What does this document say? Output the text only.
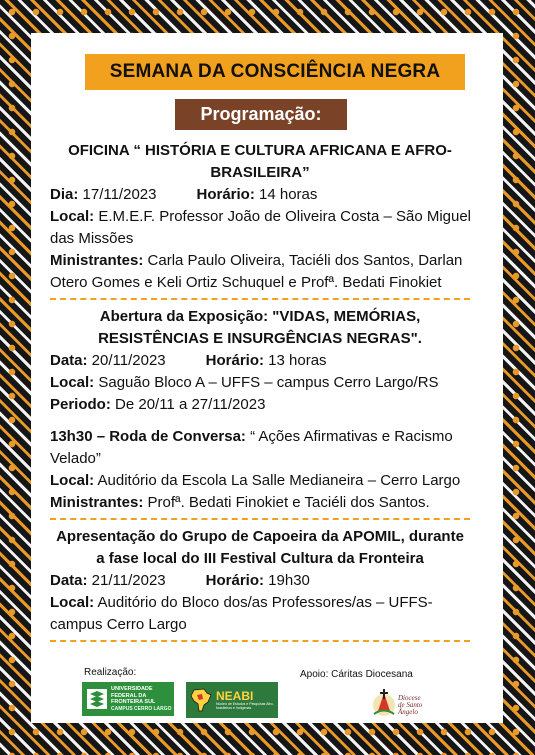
SEMANA DA CONSCIÊNCIA NEGRA
Programação:
OFICINA “ HISTÓRIA E CULTURA AFRICANA E AFRO-
BRASILEIRA”
Dia: 17/11/2023	Horário: 14 horas
Local: E.M.E.F. Professor João de Oliveira Costa – São Miguel
das Missões
Ministrantes: Carla Paulo Oliveira, Taciéli dos Santos, Darlan
Otero Gomes e Keli Ortiz Schuquel e Profª. Bedati Finokiet
Abertura da Exposição: "VIDAS, MEMÓRIAS,
RESISTÊNCIAS E INSURGÊNCIAS NEGRAS".
Data: 20/11/2023	Horário: 13 horas
Local: Saguão Bloco A – UFFS – campus Cerro Largo/RS
Periodo: De 20/11 a 27/11/2023
13h30 – Roda de Conversa: “ Ações Afirmativas e Racismo
Velado”
Local: Auditório da Escola La Salle Medianeira – Cerro Largo
Ministrantes: Profª. Bedati Finokiet e Taciéli dos Santos.
Apresentação do Grupo de Capoeira da APOMIL, durante
a fase local do III Festival Cultura da Fronteira
Data: 21/11/2023	Horário: 19h30
Local: Auditório do Bloco dos/as Professores/as – UFFS-
campus Cerro Largo
Realização:	Apoio: Cáritas Diocesana
UNIVERSIDADE
FEDERAL DA
FRONTEIRA SUL
CAMPUS CERRO LARGO
NEABI
Núcleo de Estudos e Pesquisas Afro-brasileiros e Indígenas
Diocese
de Santo
Ângelo
